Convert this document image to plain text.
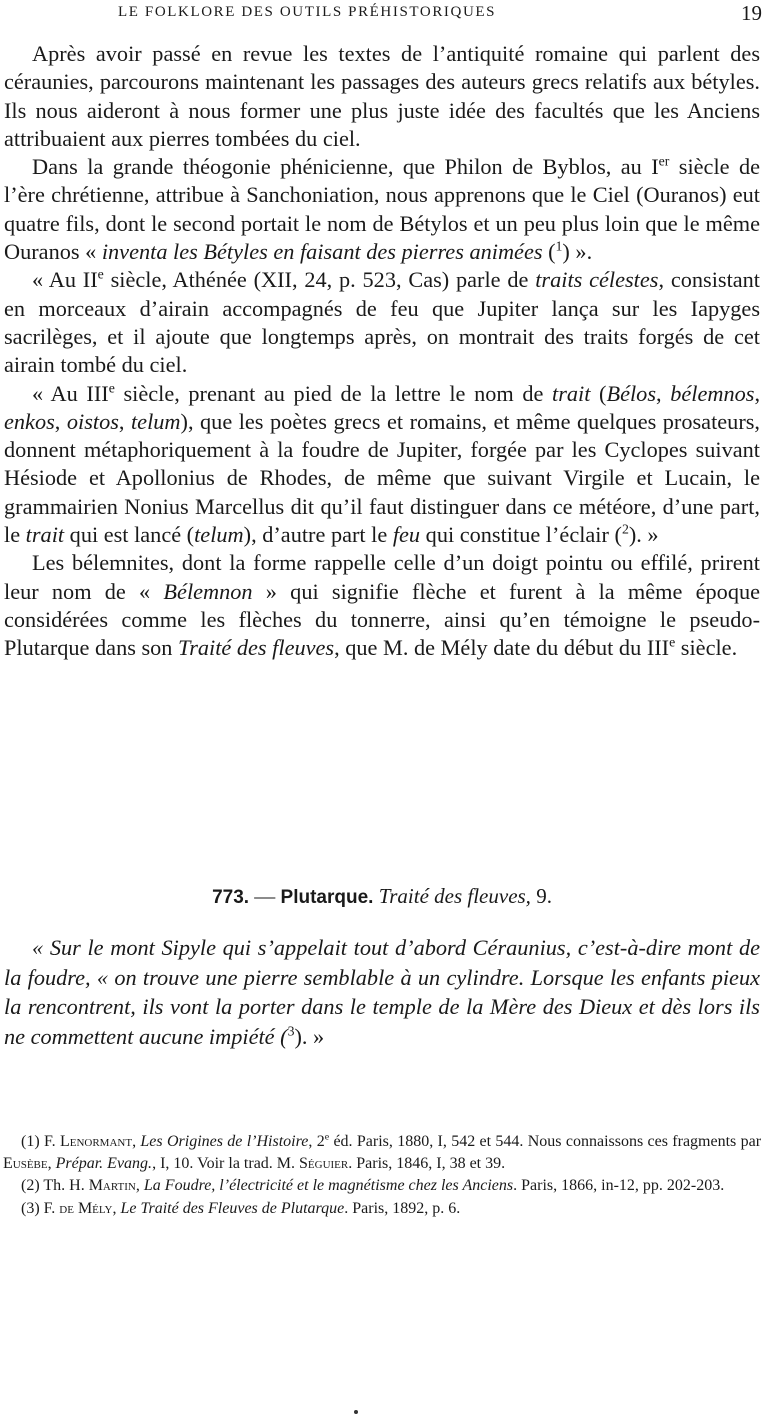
LE FOLKLORE DES OUTILS PRÉHISTORIQUES	19

Après avoir passé en revue les textes de l’antiquité romaine qui parlent des céraunies, parcourons maintenant les passages des auteurs grecs relatifs aux bétyles. Ils nous aideront à nous former une plus juste idée des facultés que les Anciens attribuaient aux pierres tombées du ciel.

Dans la grande théogonie phénicienne, que Philon de Byblos, au Ier siècle de l’ère chrétienne, attribue à Sanchoniation, nous apprenons que le Ciel (Ouranos) eut quatre fils, dont le second portait le nom de Bétylos et un peu plus loin que le même Ouranos « inventa les Bétyles en faisant des pierres animées ($^1$) ».

« Au IIe siècle, Athénée (XII, 24, p. 523, Cas) parle de traits célestes, consistant en morceaux d’airain accompagnés de feu que Jupiter lança sur les Iapyges sacrilèges, et il ajoute que longtemps après, on montrait des traits forgés de cet airain tombé du ciel.

« Au IIIe siècle, prenant au pied de la lettre le nom de trait (Bélos, bélemnos, enkos, oistos, telum), que les poètes grecs et romains, et même quelques prosateurs, donnent métaphoriquement à la foudre de Jupiter, forgée par les Cyclopes suivant Hésiode et Apollonius de Rhodes, de même que suivant Virgile et Lucain, le grammairien Nonius Marcellus dit qu’il faut distinguer dans ce météore, d’une part, le trait qui est lancé (telum), d’autre part le feu qui constitue l’éclair ($^2$). »

Les bélemnites, dont la forme rappelle celle d’un doigt pointu ou effilé, prirent leur nom de « Bélemnon » qui signifie flèche et furent à la même époque considérées comme les flèches du tonnerre, ainsi qu’en témoigne le pseudo-Plutarque dans son Traité des fleuves, que M. de Mély date du début du IIIe siècle.

773. — Plutarque. Traité des fleuves, 9.

« Sur le mont Sipyle qui s’appelait tout d’abord Céraunius, c’est-à-dire mont de la foudre, « on trouve une pierre semblable à un cylindre. Lorsque les enfants pieux la rencontrent, ils vont la porter dans le temple de la Mère des Dieux et dès lors ils ne commettent aucune impiété ($^3$). »

(1) F. Lenormant, Les Origines de l’Histoire, 2e éd. Paris, 1880, I, 542 et 544. Nous connaissons ces fragments par Eusèbe, Prépar. Evang., I, 10. Voir la trad. M. Séguier. Paris, 1846, I, 38 et 39.

(2) Th. H. Martin, La Foudre, l’électricité et le magnétisme chez les Anciens. Paris, 1866, in-12, pp. 202-203.

(3) F. de Mély, Le Traité des Fleuves de Plutarque. Paris, 1892, p. 6.
